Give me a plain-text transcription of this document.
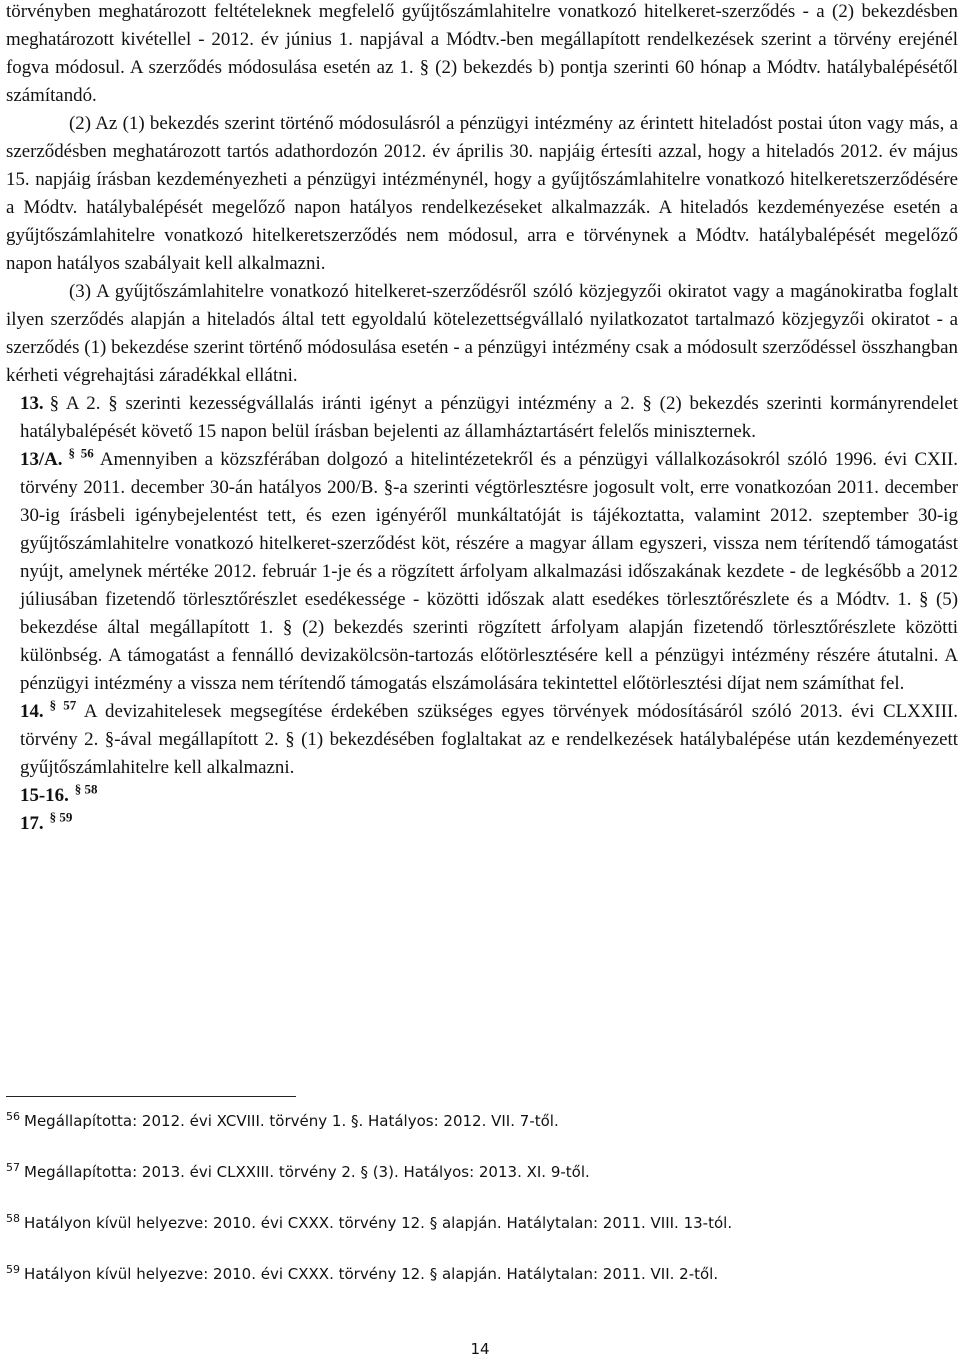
törvényben meghatározott feltételeknek megfelelő gyűjtőszámlahitelre vonatkozó hitelkeret-szerződés - a (2) bekezdésben meghatározott kivétellel - 2012. év június 1. napjával a Módtv.-ben megállapított rendelkezések szerint a törvény erejénél fogva módosul. A szerződés módosulása esetén az 1. § (2) bekezdés b) pontja szerinti 60 hónap a Módtv. hatálybalépésétől számítandó.

(2) Az (1) bekezdés szerint történő módosulásról a pénzügyi intézmény az érintett hiteladóst postai úton vagy más, a szerződésben meghatározott tartós adathordozón 2012. év április 30. napjáig értesíti azzal, hogy a hiteladós 2012. év május 15. napjáig írásban kezdeményezheti a pénzügyi intézménynél, hogy a gyűjtőszámlahitelre vonatkozó hitelkeretszerződésére a Módtv. hatálybalépését megelőző napon hatályos rendelkezéseket alkalmazzák. A hiteladós kezdeményezése esetén a gyűjtőszámlahitelre vonatkozó hitelkeretszerződés nem módosul, arra e törvénynek a Módtv. hatálybalépését megelőző napon hatályos szabályait kell alkalmazni.

(3) A gyűjtőszámlahitelre vonatkozó hitelkeret-szerződésről szóló közjegyzői okiratot vagy a magánokiratba foglalt ilyen szerződés alapján a hiteladós által tett egyoldalú kötelezettségvállaló nyilatkozatot tartalmazó közjegyzői okiratot - a szerződés (1) bekezdése szerint történő módosulása esetén - a pénzügyi intézmény csak a módosult szerződéssel összhangban kérheti végrehajtási záradékkal ellátni.

13. § A 2. § szerinti kezességvállalás iránti igényt a pénzügyi intézmény a 2. § (2) bekezdés szerinti kormányrendelet hatálybalépését követő 15 napon belül írásban bejelenti az államháztartásért felelős miniszternek.

13/A. $^{\S 56}$ Amennyiben a közszférában dolgozó a hitelintézetekről és a pénzügyi vállalkozásokról szóló 1996. évi CXII. törvény 2011. december 30-án hatályos 200/B. §-a szerinti végtörlesztésre jogosult volt, erre vonatkozóan 2011. december 30-ig írásbeli igénybejelentést tett, és ezen igényéről munkáltatóját is tájékoztatta, valamint 2012. szeptember 30-ig gyűjtőszámlahitelre vonatkozó hitelkeret-szerződést köt, részére a magyar állam egyszeri, vissza nem térítendő támogatást nyújt, amelynek mértéke 2012. február 1-je és a rögzített árfolyam alkalmazási időszakának kezdete - de legkésőbb a 2012 júliusában fizetendő törlesztőrészlet esedékessége - közötti időszak alatt esedékes törlesztőrészlete és a Módtv. 1. § (5) bekezdése által megállapított 1. § (2) bekezdés szerinti rögzített árfolyam alapján fizetendő törlesztőrészlete közötti különbség. A támogatást a fennálló devizakölcsön-tartozás előtörlesztésére kell a pénzügyi intézmény részére átutalni. A pénzügyi intézmény a vissza nem térítendő támogatás elszámolására tekintettel előtörlesztési díjat nem számíthat fel.

14. $^{\S 57}$ A devizahitelesek megsegítése érdekében szükséges egyes törvények módosításáról szóló 2013. évi CLXXIII. törvény 2. §-ával megállapított 2. § (1) bekezdésében foglaltakat az e rendelkezések hatálybalépése után kezdeményezett gyűjtőszámlahitelre kell alkalmazni.

15-16. $^{\S 58}$

17. $^{\S 59}$

$^{56}$ Megállapította: 2012. évi XCVIII. törvény 1. §. Hatályos: 2012. VII. 7-től.

$^{57}$ Megállapította: 2013. évi CLXXIII. törvény 2. § (3). Hatályos: 2013. XI. 9-től.

$^{58}$ Hatályon kívül helyezve: 2010. évi CXXX. törvény 12. § alapján. Hatálytalan: 2011. VIII. 13-tól.

$^{59}$ Hatályon kívül helyezve: 2010. évi CXXX. törvény 12. § alapján. Hatálytalan: 2011. VII. 2-től.

14
